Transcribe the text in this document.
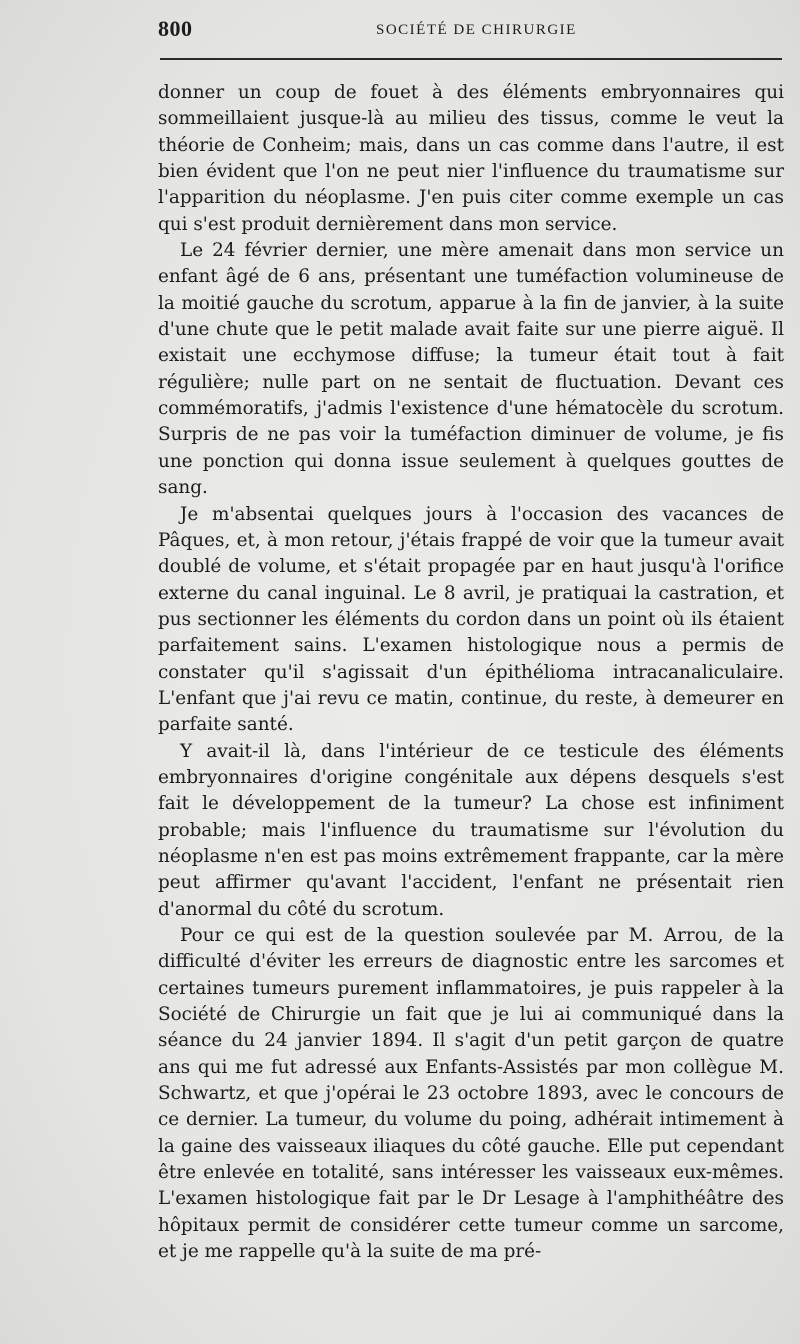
800	SOCIÉTÉ DE CHIRURGIE

donner un coup de fouet à des éléments embryonnaires qui sommeillaient jusque-là au milieu des tissus, comme le veut la théorie de Conheim; mais, dans un cas comme dans l'autre, il est bien évident que l'on ne peut nier l'influence du traumatisme sur l'apparition du néoplasme. J'en puis citer comme exemple un cas qui s'est produit dernièrement dans mon service.

Le 24 février dernier, une mère amenait dans mon service un enfant âgé de 6 ans, présentant une tuméfaction volumineuse de la moitié gauche du scrotum, apparue à la fin de janvier, à la suite d'une chute que le petit malade avait faite sur une pierre aiguë. Il existait une ecchymose diffuse; la tumeur était tout à fait régulière; nulle part on ne sentait de fluctuation. Devant ces commémoratifs, j'admis l'existence d'une hématocèle du scrotum. Surpris de ne pas voir la tuméfaction diminuer de volume, je fis une ponction qui donna issue seulement à quelques gouttes de sang.

Je m'absentai quelques jours à l'occasion des vacances de Pâques, et, à mon retour, j'étais frappé de voir que la tumeur avait doublé de volume, et s'était propagée par en haut jusqu'à l'orifice externe du canal inguinal. Le 8 avril, je pratiquai la castration, et pus sectionner les éléments du cordon dans un point où ils étaient parfaitement sains. L'examen histologique nous a permis de constater qu'il s'agissait d'un épithélioma intracanaliculaire. L'enfant que j'ai revu ce matin, continue, du reste, à demeurer en parfaite santé.

Y avait-il là, dans l'intérieur de ce testicule des éléments embryonnaires d'origine congénitale aux dépens desquels s'est fait le développement de la tumeur? La chose est infiniment probable; mais l'influence du traumatisme sur l'évolution du néoplasme n'en est pas moins extrêmement frappante, car la mère peut affirmer qu'avant l'accident, l'enfant ne présentait rien d'anormal du côté du scrotum.

Pour ce qui est de la question soulevée par M. Arrou, de la difficulté d'éviter les erreurs de diagnostic entre les sarcomes et certaines tumeurs purement inflammatoires, je puis rappeler à la Société de Chirurgie un fait que je lui ai communiqué dans la séance du 24 janvier 1894. Il s'agit d'un petit garçon de quatre ans qui me fut adressé aux Enfants-Assistés par mon collègue M. Schwartz, et que j'opérai le 23 octobre 1893, avec le concours de ce dernier. La tumeur, du volume du poing, adhérait intimement à la gaine des vaisseaux iliaques du côté gauche. Elle put cependant être enlevée en totalité, sans intéresser les vaisseaux eux-mêmes. L'examen histologique fait par le Dr Lesage à l'amphithéâtre des hôpitaux permit de considérer cette tumeur comme un sarcome, et je me rappelle qu'à la suite de ma pré-
